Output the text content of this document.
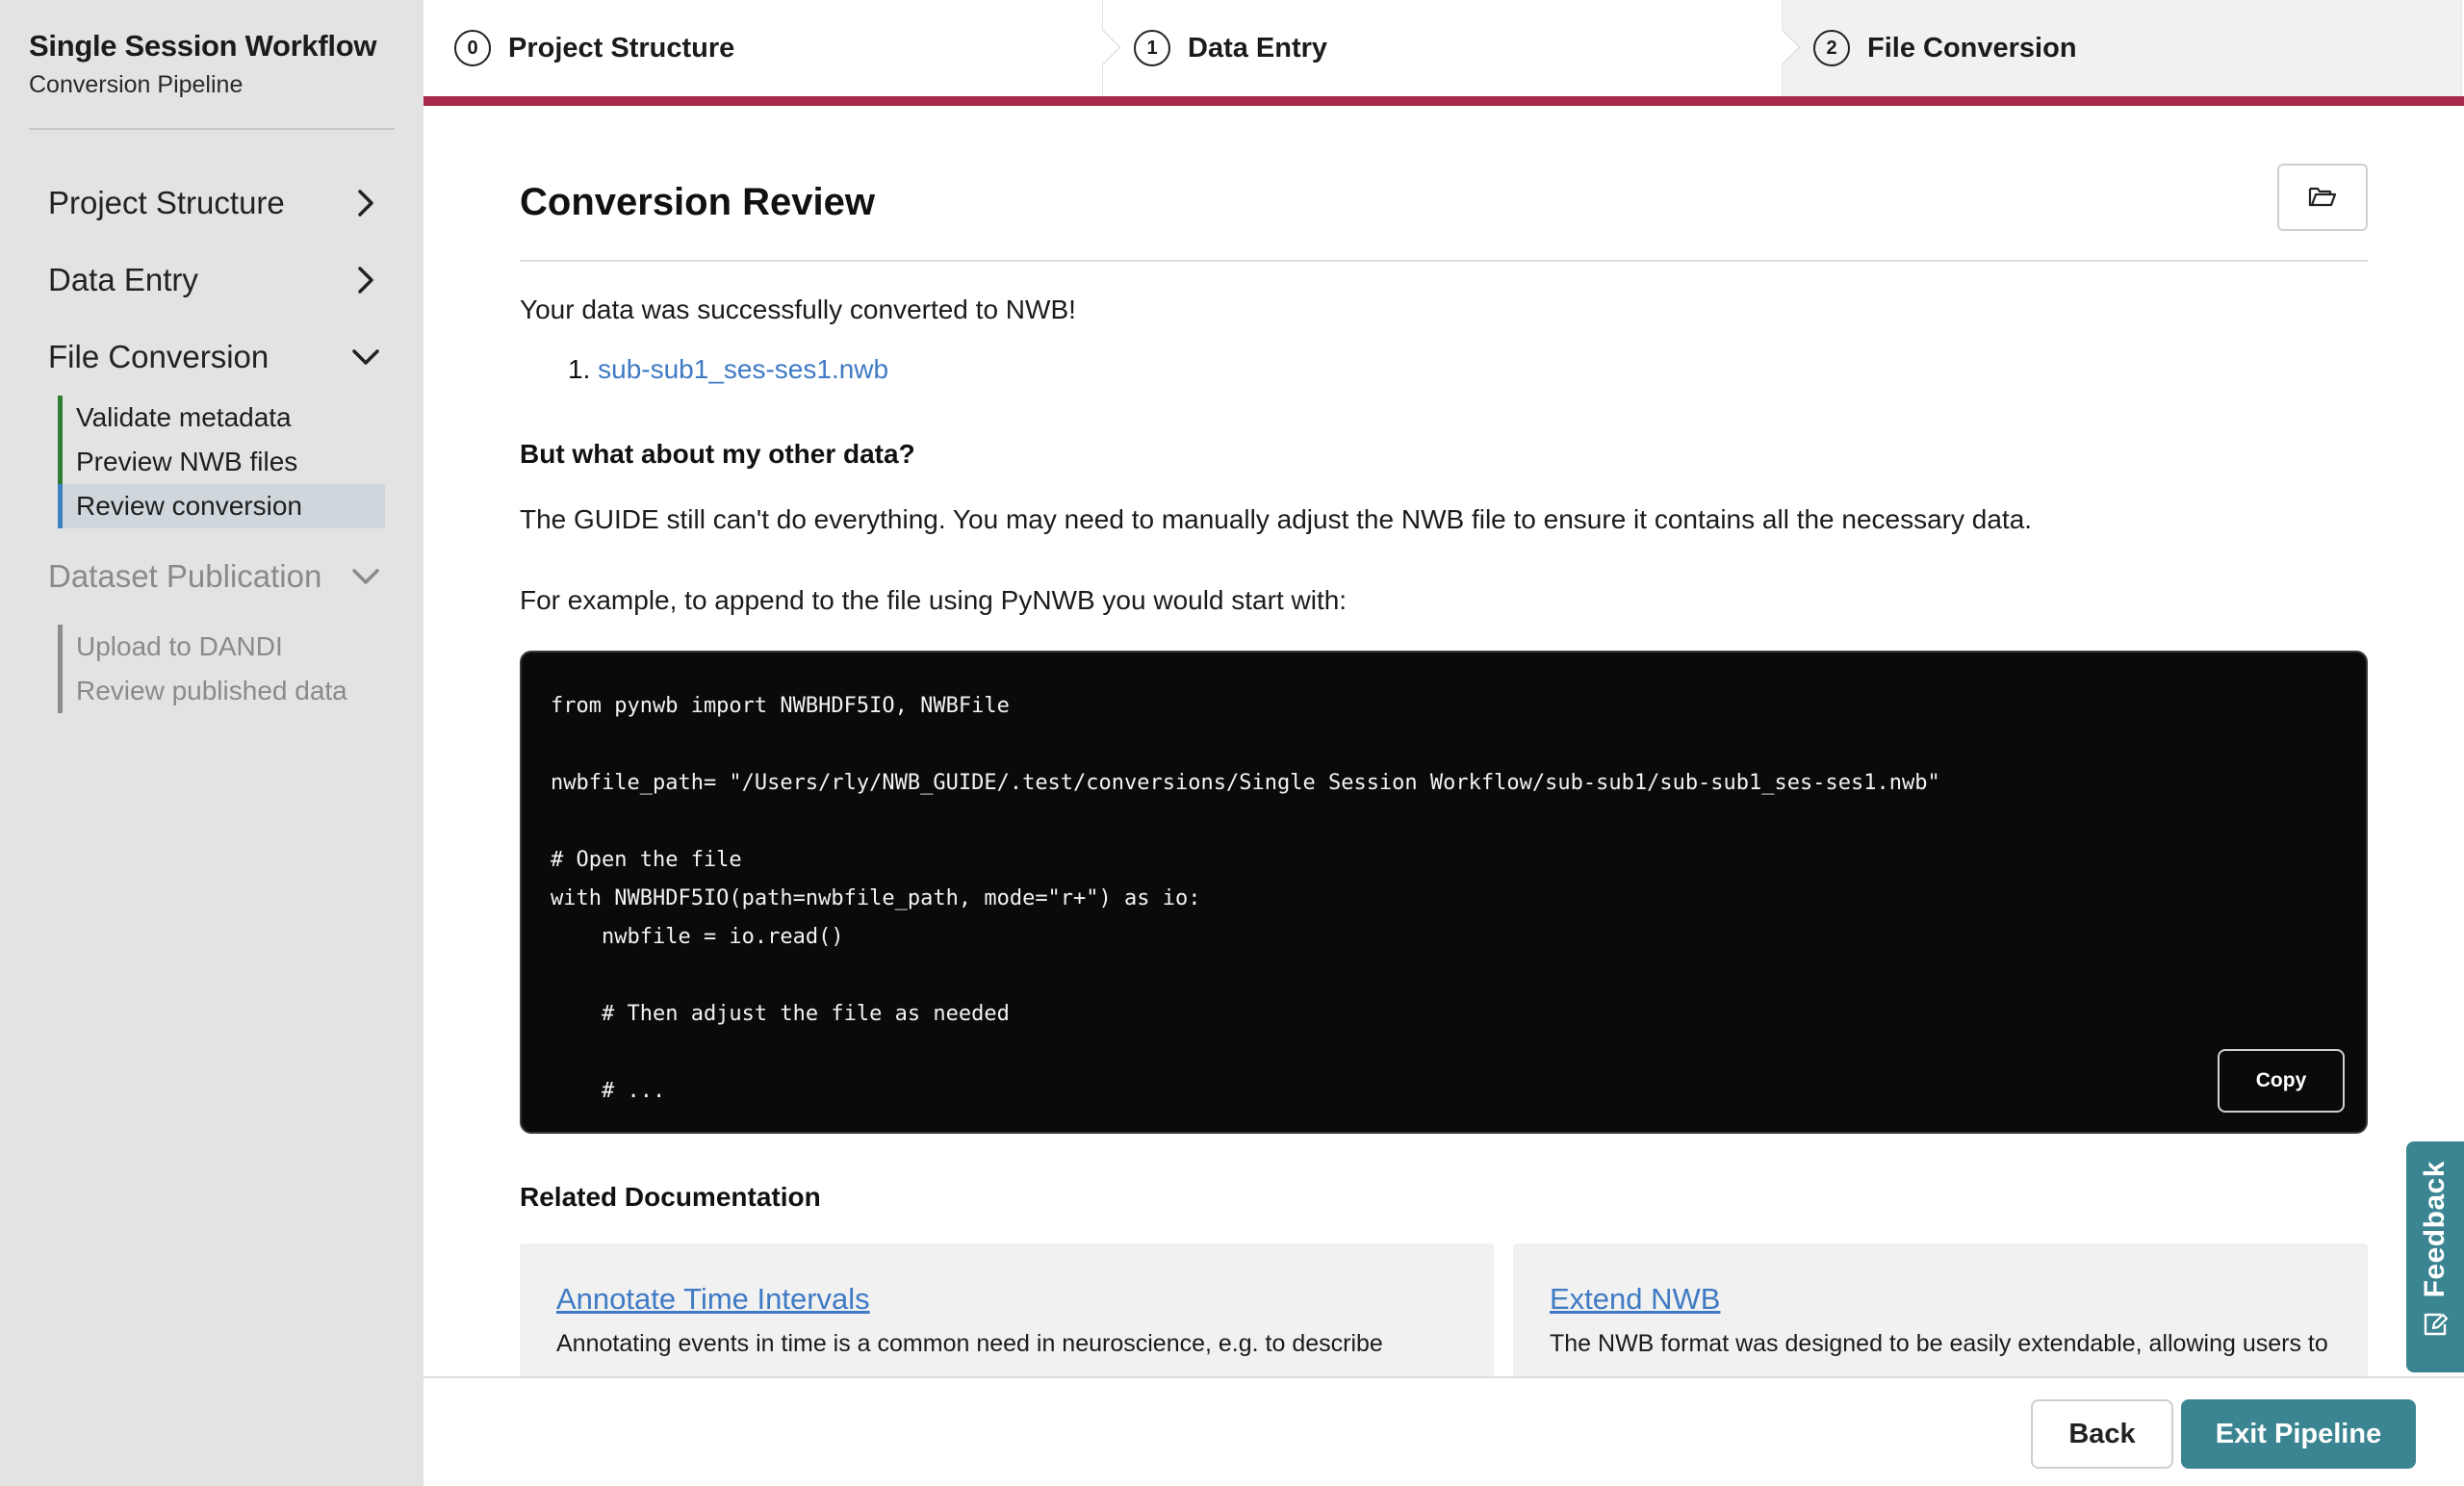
Single Session Workflow
Conversion Pipeline
Project Structure
Data Entry
File Conversion
Validate metadata
Preview NWB files
Review conversion
Dataset Publication
Upload to DANDI
Review published data
0	Project Structure	1	Data Entry	2	File Conversion
Conversion Review

Your data was successfully converted to NWB!

1. sub-sub1_ses-ses1.nwb
But what about my other data?

The GUIDE still can't do everything. You may need to manually adjust the NWB file to ensure it contains all the necessary data.

For example, to append to the file using PyNWB you would start with:

from pynwb import NWBHDF5IO, NWBFile

nwbfile_path= "/Users/rly/NWB_GUIDE/.test/conversions/Single Session Workflow/sub-sub1/sub-sub1_ses-ses1.nwb"

# Open the file
with NWBHDF5IO(path=nwbfile_path, mode="r+") as io:
nwbfile = io.read()

# Then adjust the file as needed

# ...	Copy
Related Documentation
Annotate Time Intervals
Annotating events in time is a common need in neuroscience, e.g. to describe
Extend NWB
The NWB format was designed to be easily extendable, allowing users to
Back	Exit Pipeline
Feedback
